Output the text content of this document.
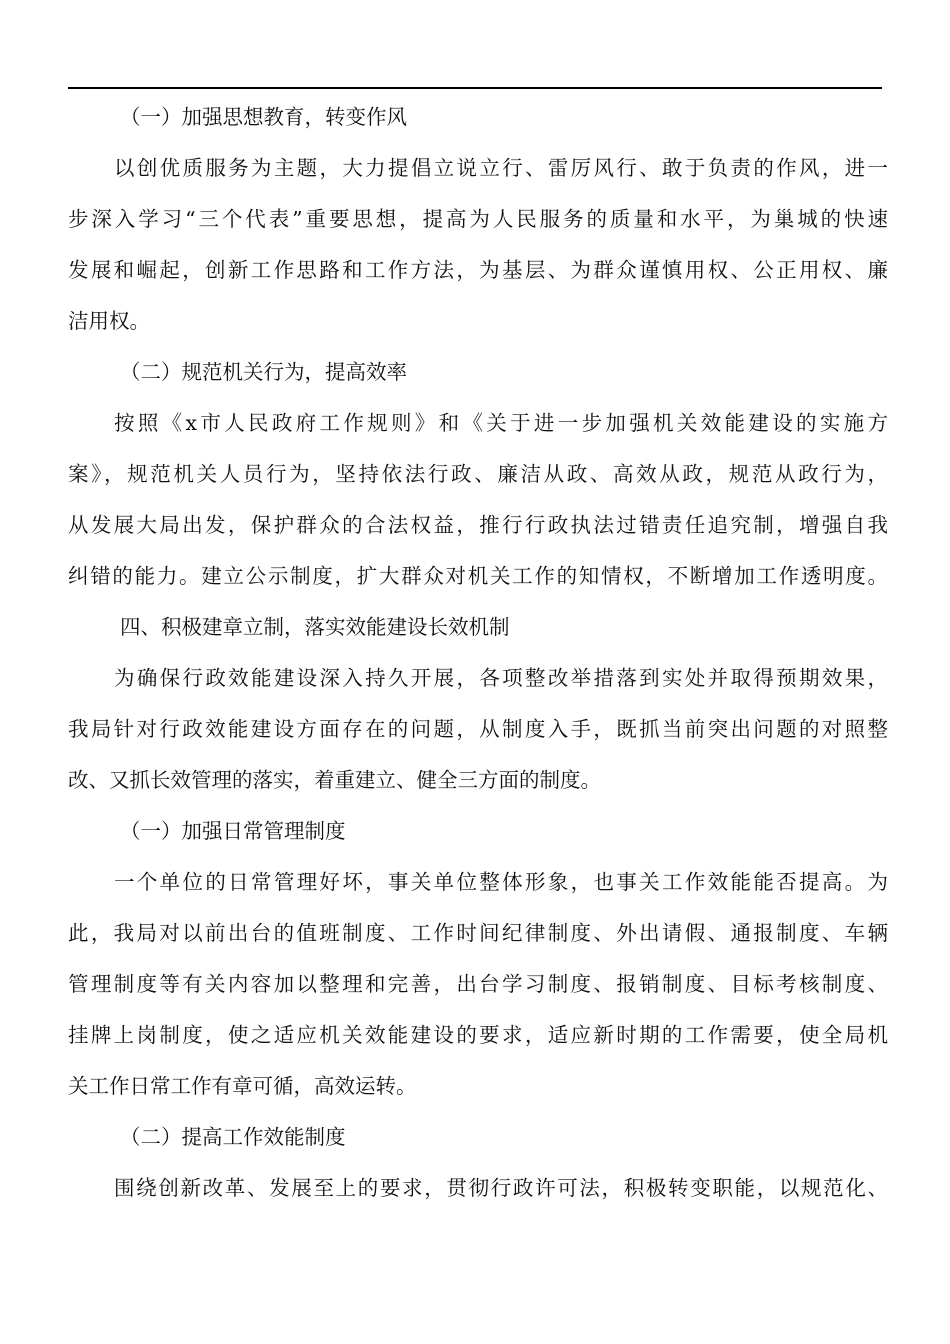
（一）加强思想教育，转变作风

以创优质服务为主题，大力提倡立说立行、雷厉风行、敢于负责的作风，进一
步深入学习“三个代表”重要思想，提高为人民服务的质量和水平，为巢城的快速
发展和崛起，创新工作思路和工作方法，为基层、为群众谨慎用权、公正用权、廉
洁用权。

（二）规范机关行为，提高效率

按照《x市人民政府工作规则》和《关于进一步加强机关效能建设的实施方
案》，规范机关人员行为，坚持依法行政、廉洁从政、高效从政，规范从政行为，
从发展大局出发，保护群众的合法权益，推行行政执法过错责任追究制，增强自我
纠错的能力。建立公示制度，扩大群众对机关工作的知情权，不断增加工作透明度。

四、积极建章立制，落实效能建设长效机制

为确保行政效能建设深入持久开展，各项整改举措落到实处并取得预期效果，
我局针对行政效能建设方面存在的问题，从制度入手，既抓当前突出问题的对照整
改、又抓长效管理的落实，着重建立、健全三方面的制度。

（一）加强日常管理制度

一个单位的日常管理好坏，事关单位整体形象，也事关工作效能能否提高。为
此，我局对以前出台的值班制度、工作时间纪律制度、外出请假、通报制度、车辆
管理制度等有关内容加以整理和完善，出台学习制度、报销制度、目标考核制度、
挂牌上岗制度，使之适应机关效能建设的要求，适应新时期的工作需要，使全局机
关工作日常工作有章可循，高效运转。

（二）提高工作效能制度

围绕创新改革、发展至上的要求，贯彻行政许可法，积极转变职能，以规范化、
